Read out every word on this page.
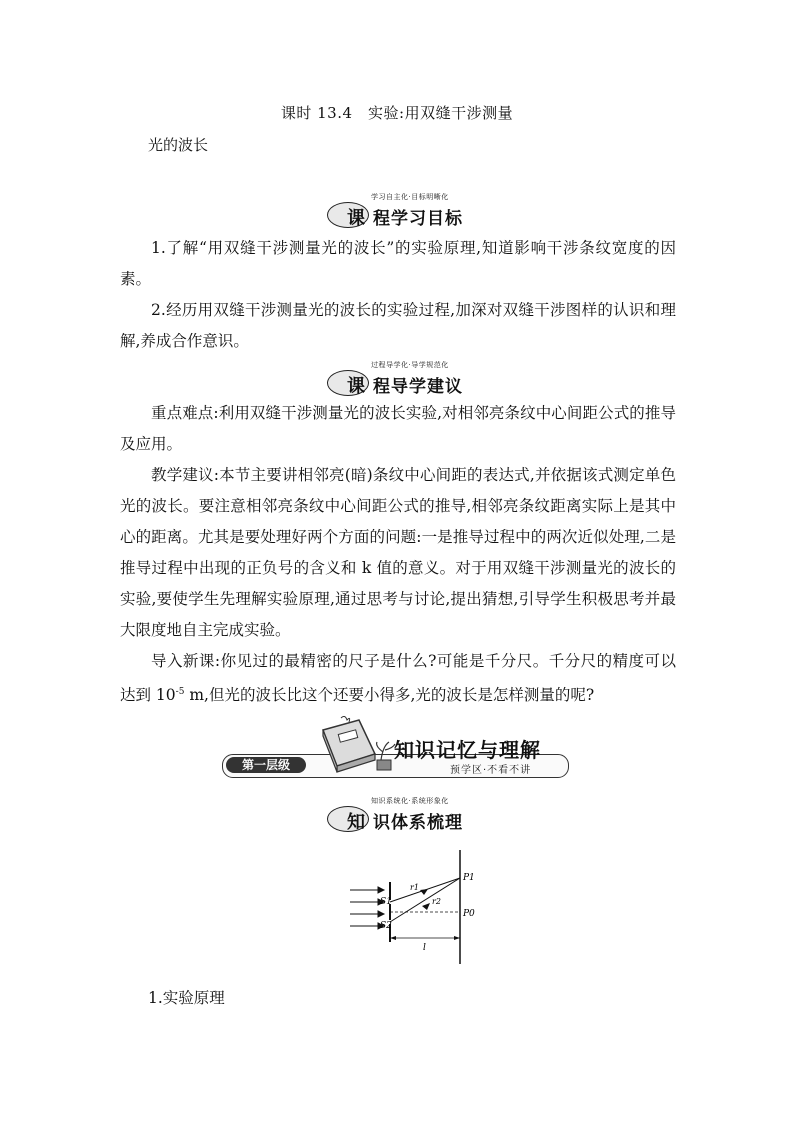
课时 13.4　实验:用双缝干涉测量
光的波长
学习自主化·目标明晰化
课 程学习目标

1.了解“用双缝干涉测量光的波长”的实验原理,知道影响干涉条纹宽度的因素。

2.经历用双缝干涉测量光的波长的实验过程,加深对双缝干涉图样的认识和理解,养成合作意识。

过程导学化·导学规范化
课 程导学建议

重点难点:利用双缝干涉测量光的波长实验,对相邻亮条纹中心间距公式的推导及应用。

教学建议:本节主要讲相邻亮(暗)条纹中心间距的表达式,并依据该式测定单色光的波长。要注意相邻亮条纹中心间距公式的推导,相邻亮条纹距离实际上是其中心的距离。尤其是要处理好两个方面的问题:一是推导过程中的两次近似处理,二是推导过程中出现的正负号的含义和 k 值的意义。对于用双缝干涉测量光的波长的实验,要使学生先理解实验原理,通过思考与讨论,提出猜想,引导学生积极思考并最大限度地自主完成实验。

导入新课:你见过的最精密的尺子是什么?可能是千分尺。千分尺的精度可以达到 $10^{-5}$ m,但光的波长比这个还要小得多,光的波长是怎样测量的呢?

第一层级
知识记忆与理解
预学区·不看不讲
知识系统化·系统形象化
知 识体系梳理
S1
S2
P1
P0
r1
r2
l
1.实验原理
